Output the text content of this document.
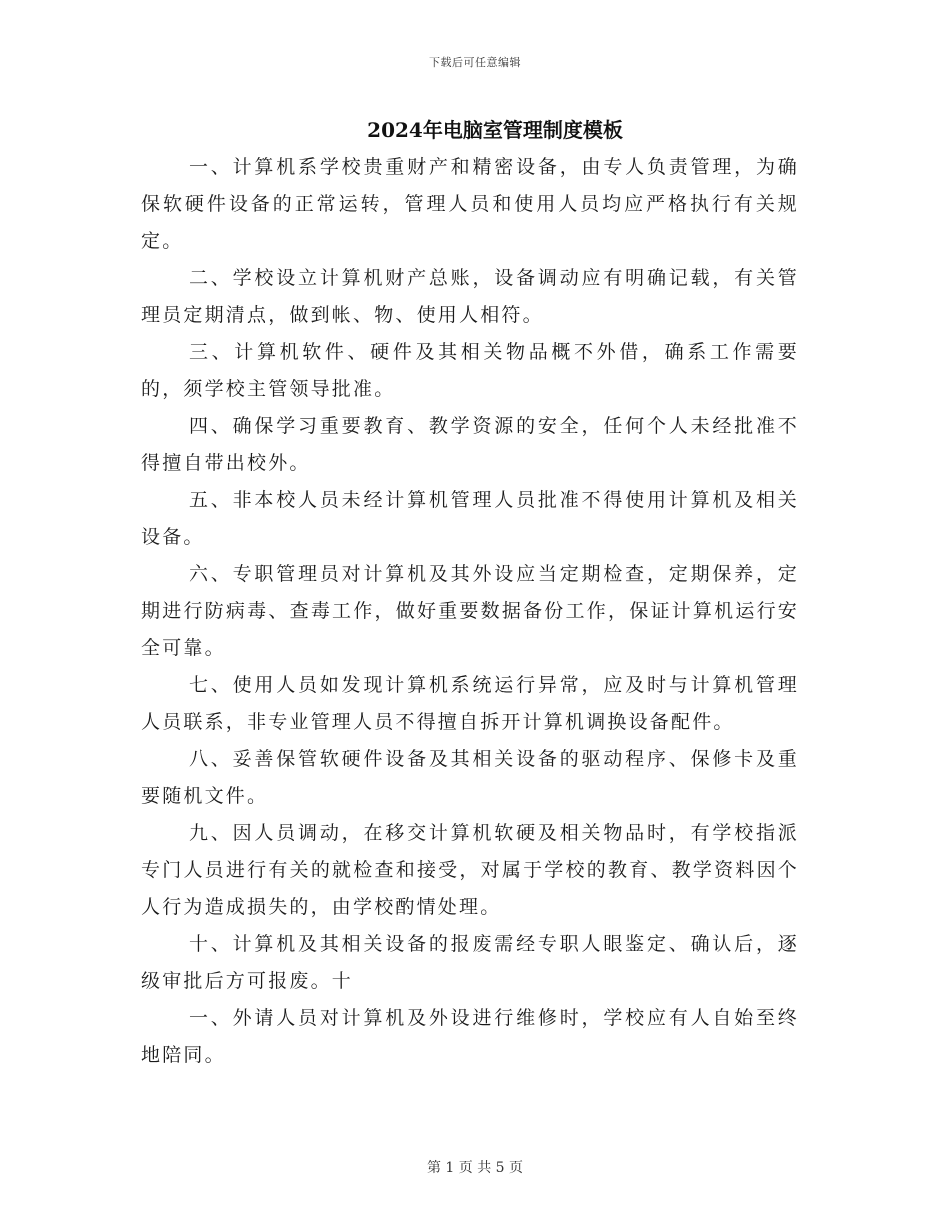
下载后可任意编辑
2024年电脑室管理制度模板

一、计算机系学校贵重财产和精密设备，由专人负责管理，为确保软硬件设备的正常运转，管理人员和使用人员均应严格执行有关规定。

二、学校设立计算机财产总账，设备调动应有明确记载，有关管理员定期清点，做到帐、物、使用人相符。

三、计算机软件、硬件及其相关物品概不外借，确系工作需要的，须学校主管领导批准。

四、确保学习重要教育、教学资源的安全，任何个人未经批准不得擅自带出校外。

五、非本校人员未经计算机管理人员批准不得使用计算机及相关设备。

六、专职管理员对计算机及其外设应当定期检查，定期保养，定期进行防病毒、查毒工作，做好重要数据备份工作，保证计算机运行安全可靠。

七、使用人员如发现计算机系统运行异常，应及时与计算机管理人员联系，非专业管理人员不得擅自拆开计算机调换设备配件。

八、妥善保管软硬件设备及其相关设备的驱动程序、保修卡及重要随机文件。

九、因人员调动，在移交计算机软硬及相关物品时，有学校指派专门人员进行有关的就检查和接受，对属于学校的教育、教学资料因个人行为造成损失的，由学校酌情处理。

十、计算机及其相关设备的报废需经专职人眼鉴定、确认后，逐级审批后方可报废。十

一、外请人员对计算机及外设进行维修时，学校应有人自始至终地陪同。

第 1 页 共 5 页
